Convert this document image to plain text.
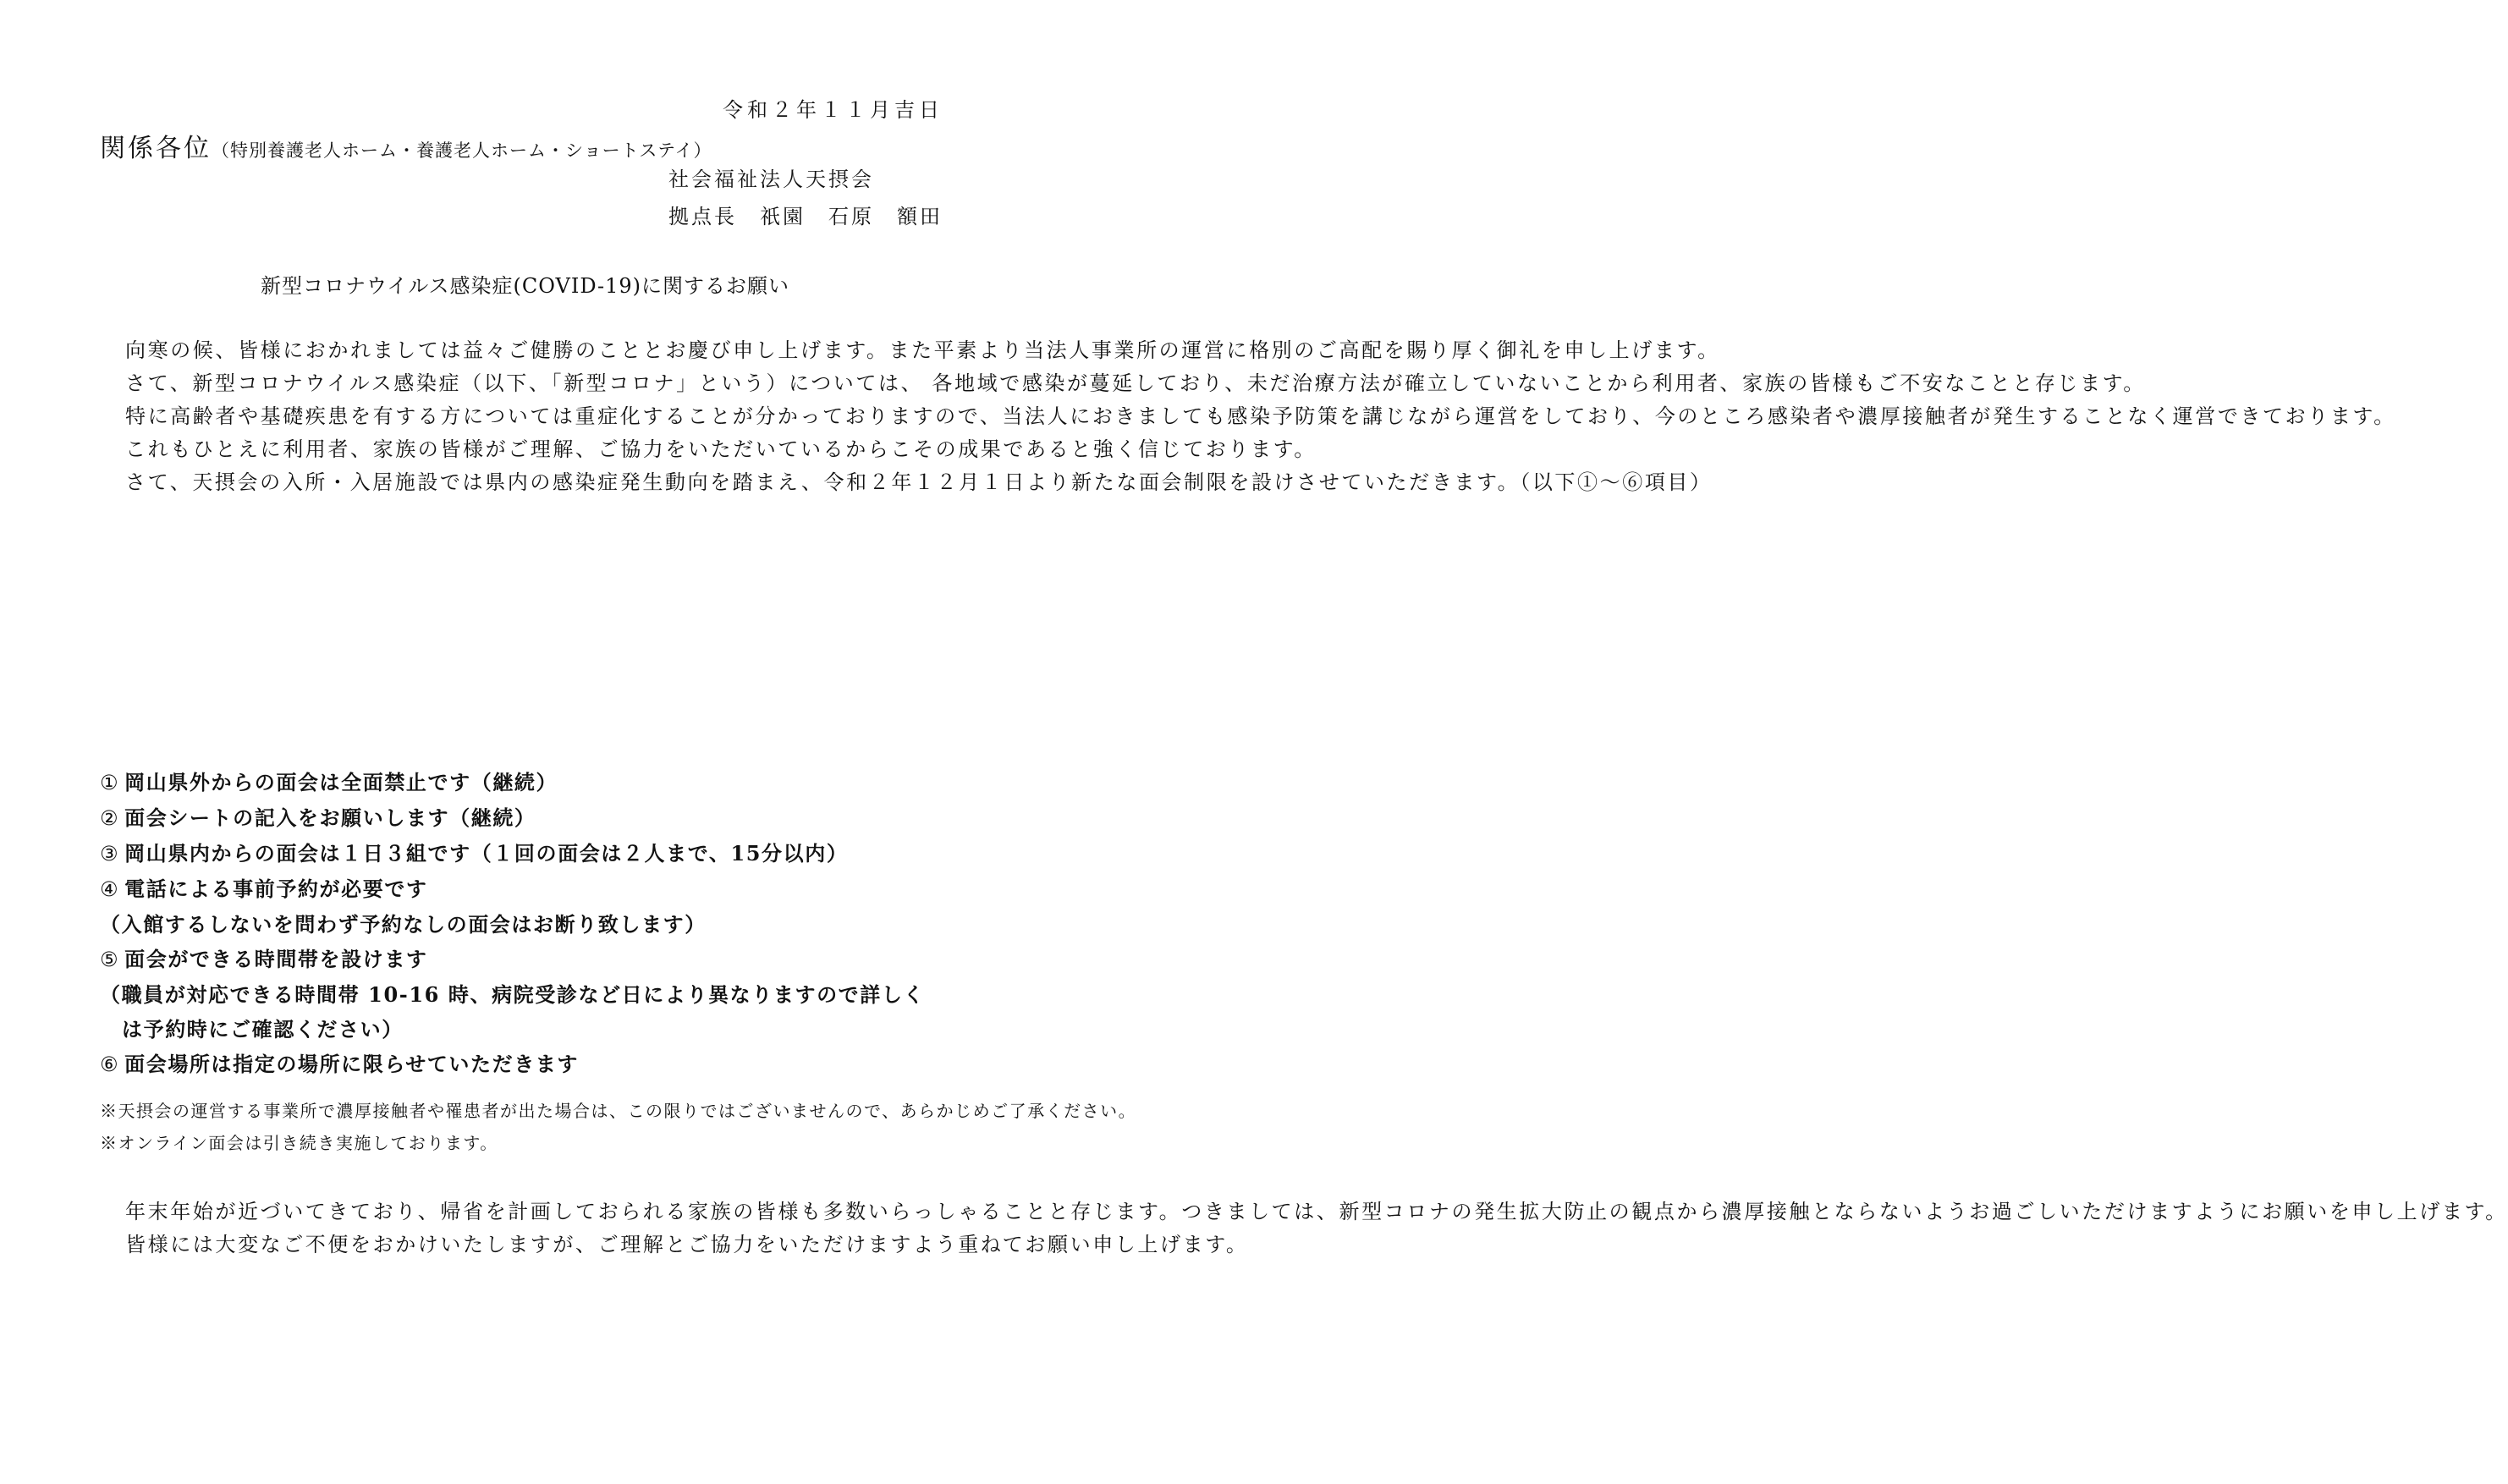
令和２年１１月吉日
関係各位（特別養護老人ホーム・養護老人ホーム・ショートステイ）
社会福祉法人天摂会
拠点長　祇園　石原　額田
新型コロナウイルス感染症(COVID-19)に関するお願い

向寒の候、皆様におかれましては益々ご健勝のこととお慶び申し上げます。また平素より当法人事業所の運営に格別のご高配を賜り厚く御礼を申し上げます。

さて、新型コロナウイルス感染症（以下、「新型コロナ」という）については、 各地域で感染が蔓延しており、未だ治療方法が確立していないことから利用者、家族の皆様もご不安なことと存じます。

特に高齢者や基礎疾患を有する方については重症化することが分かっておりますので、当法人におきましても感染予防策を講じながら運営をしており、今のところ感染者や濃厚接触者が発生することなく運営できております。

これもひとえに利用者、家族の皆様がご理解、ご協力をいただいているからこその成果であると強く信じております。

さて、天摂会の入所・入居施設では県内の感染症発生動向を踏まえ、令和２年１２月１日より新たな面会制限を設けさせていただきます。（以下①～⑥項目）

① 岡山県外からの面会は全面禁止です（継続）
② 面会シートの記入をお願いします（継続）
③ 岡山県内からの面会は１日３組です（１回の面会は２人まで、15分以内）
④ 電話による事前予約が必要です
（入館するしないを問わず予約なしの面会はお断り致します）
⑤ 面会ができる時間帯を設けます
（職員が対応できる時間帯 10-16 時、病院受診など日により異なりますので詳しく
は予約時にご確認ください）
⑥ 面会場所は指定の場所に限らせていただきます

※天摂会の運営する事業所で濃厚接触者や罹患者が出た場合は、この限りではございませんので、あらかじめご了承ください。

※オンライン面会は引き続き実施しております。

年末年始が近づいてきており、帰省を計画しておられる家族の皆様も多数いらっしゃることと存じます。つきましては、新型コロナの発生拡大防止の観点から濃厚接触とならないようお過ごしいただけますようにお願いを申し上げます。

皆様には大変なご不便をおかけいたしますが、ご理解とご協力をいただけますよう重ねてお願い申し上げます。
